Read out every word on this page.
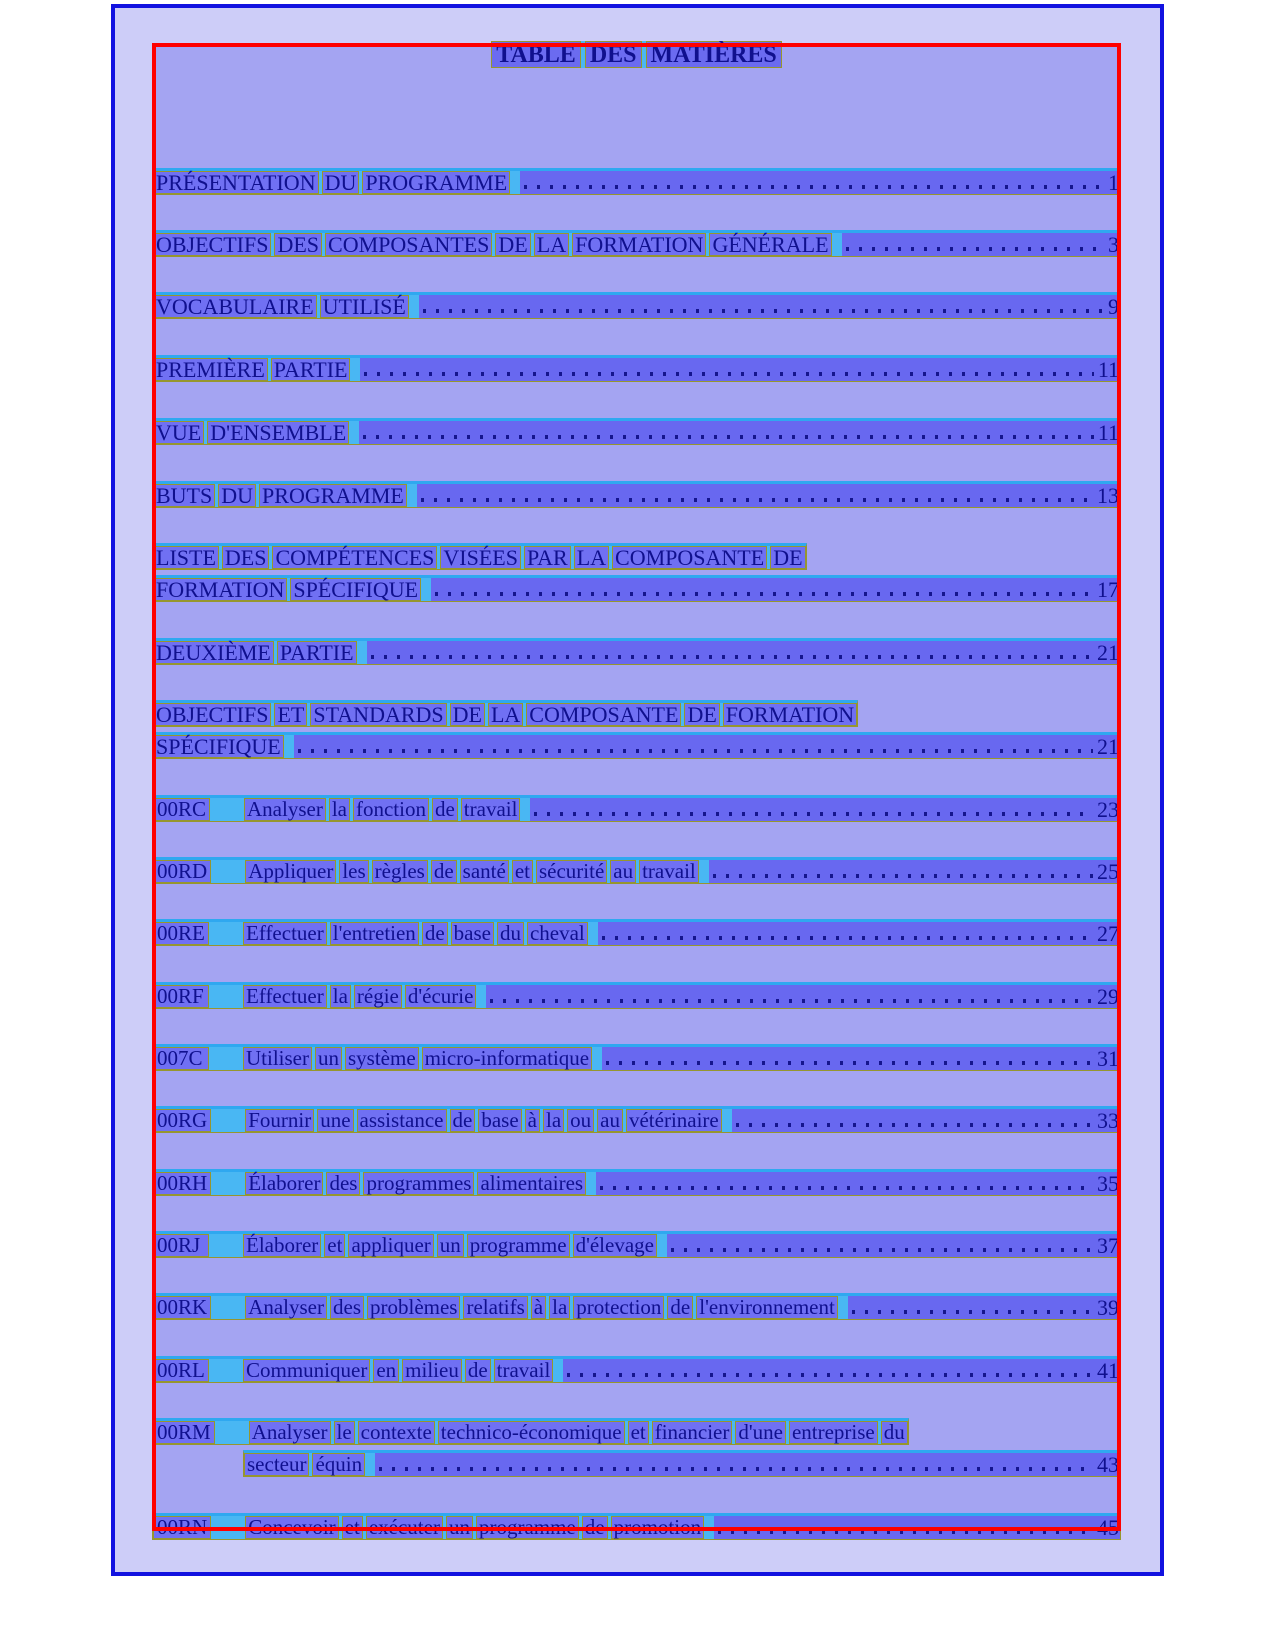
TABLE DES MATIÈRES
PRÉSENTATION DU PROGRAMME	1
OBJECTIFS DES COMPOSANTES DE LA FORMATION GÉNÉRALE	3
VOCABULAIRE UTILISÉ	9
PREMIÈRE PARTIE	11
VUE D'ENSEMBLE	11
BUTS DU PROGRAMME	13
LISTE DES COMPÉTENCES VISÉES PAR LA COMPOSANTE DE
FORMATION SPÉCIFIQUE	17
DEUXIÈME PARTIE	21
OBJECTIFS ET STANDARDS DE LA COMPOSANTE DE FORMATION
SPÉCIFIQUE	21
00RC Analyser la fonction de travail	23
00RD Appliquer les règles de santé et sécurité au travail	25
00RE Effectuer l'entretien de base du cheval	27
00RF Effectuer la régie d'écurie	29
007C	Utiliser un système micro-informatique	31
00RG Fournir une assistance de base à la ou au vétérinaire	33
00RH Élaborer des programmes alimentaires	35
00RJ	Élaborer et appliquer un programme d'élevage	37
00RK Analyser des problèmes relatifs à la protection de l'environnement	39
00RL Communiquer en milieu de travail	41
00RM Analyser le contexte technico-économique et financier d'une entreprise du
secteur équin	43
00RN Concevoir et exécuter un programme de promotion	45
